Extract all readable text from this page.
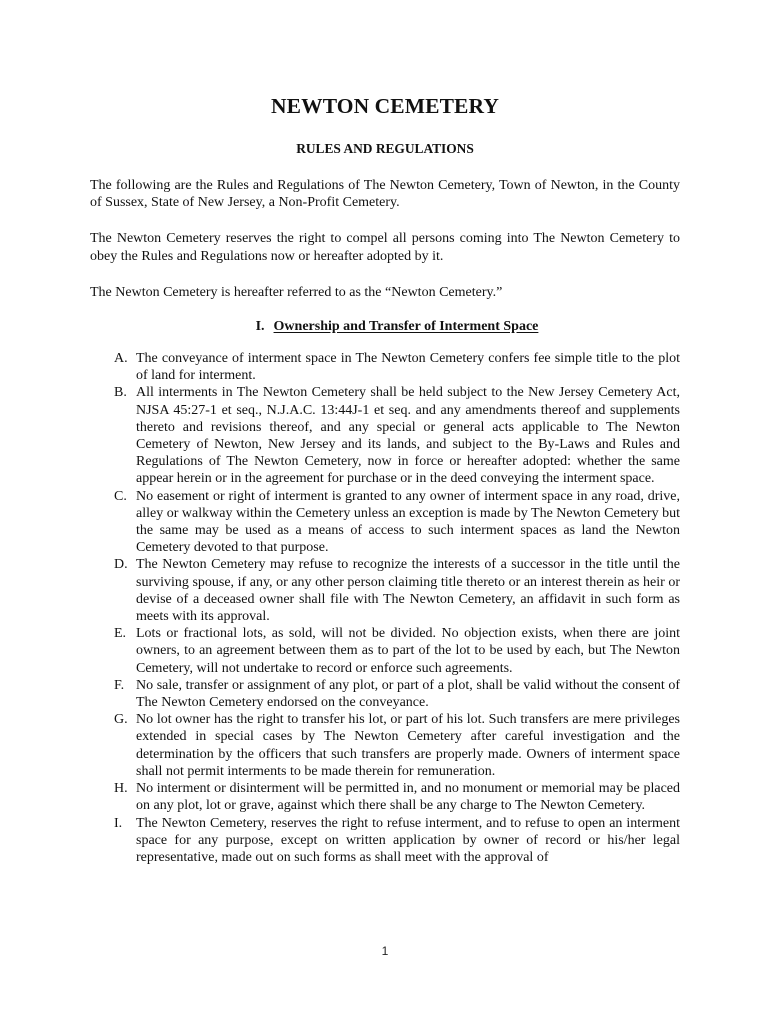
NEWTON CEMETERY
RULES AND REGULATIONS

The following are the Rules and Regulations of The Newton Cemetery, Town of Newton, in the County of Sussex, State of New Jersey, a Non-Profit Cemetery.

The Newton Cemetery reserves the right to compel all persons coming into The Newton Cemetery to obey the Rules and Regulations now or hereafter adopted by it.

The Newton Cemetery is hereafter referred to as the “Newton Cemetery.”

I. Ownership and Transfer of Interment Space
A. The conveyance of interment space in The Newton Cemetery confers fee simple title to the plot of land for interment.
B. All interments in The Newton Cemetery shall be held subject to the New Jersey Cemetery Act, NJSA 45:27-1 et seq., N.J.A.C. 13:44J-1 et seq. and any amendments thereof and supplements thereto and revisions thereof, and any special or general acts applicable to The Newton Cemetery of Newton, New Jersey and its lands, and subject to the By-Laws and Rules and Regulations of The Newton Cemetery, now in force or hereafter adopted: whether the same appear herein or in the agreement for purchase or in the deed conveying the interment space.
C. No easement or right of interment is granted to any owner of interment space in any road, drive, alley or walkway within the Cemetery unless an exception is made by The Newton Cemetery but the same may be used as a means of access to such interment spaces as land the Newton Cemetery devoted to that purpose.
D. The Newton Cemetery may refuse to recognize the interests of a successor in the title until the surviving spouse, if any, or any other person claiming title thereto or an interest therein as heir or devise of a deceased owner shall file with The Newton Cemetery, an affidavit in such form as meets with its approval.
E. Lots or fractional lots, as sold, will not be divided. No objection exists, when there are joint owners, to an agreement between them as to part of the lot to be used by each, but The Newton Cemetery, will not undertake to record or enforce such agreements.
F. No sale, transfer or assignment of any plot, or part of a plot, shall be valid without the consent of The Newton Cemetery endorsed on the conveyance.
G. No lot owner has the right to transfer his lot, or part of his lot. Such transfers are mere privileges extended in special cases by The Newton Cemetery after careful investigation and the determination by the officers that such transfers are properly made. Owners of interment space shall not permit interments to be made therein for remuneration.
H. No interment or disinterment will be permitted in, and no monument or memorial may be placed on any plot, lot or grave, against which there shall be any charge to The Newton Cemetery.
I. The Newton Cemetery, reserves the right to refuse interment, and to refuse to open an interment space for any purpose, except on written application by owner of record or his/her legal representative, made out on such forms as shall meet with the approval of
1
